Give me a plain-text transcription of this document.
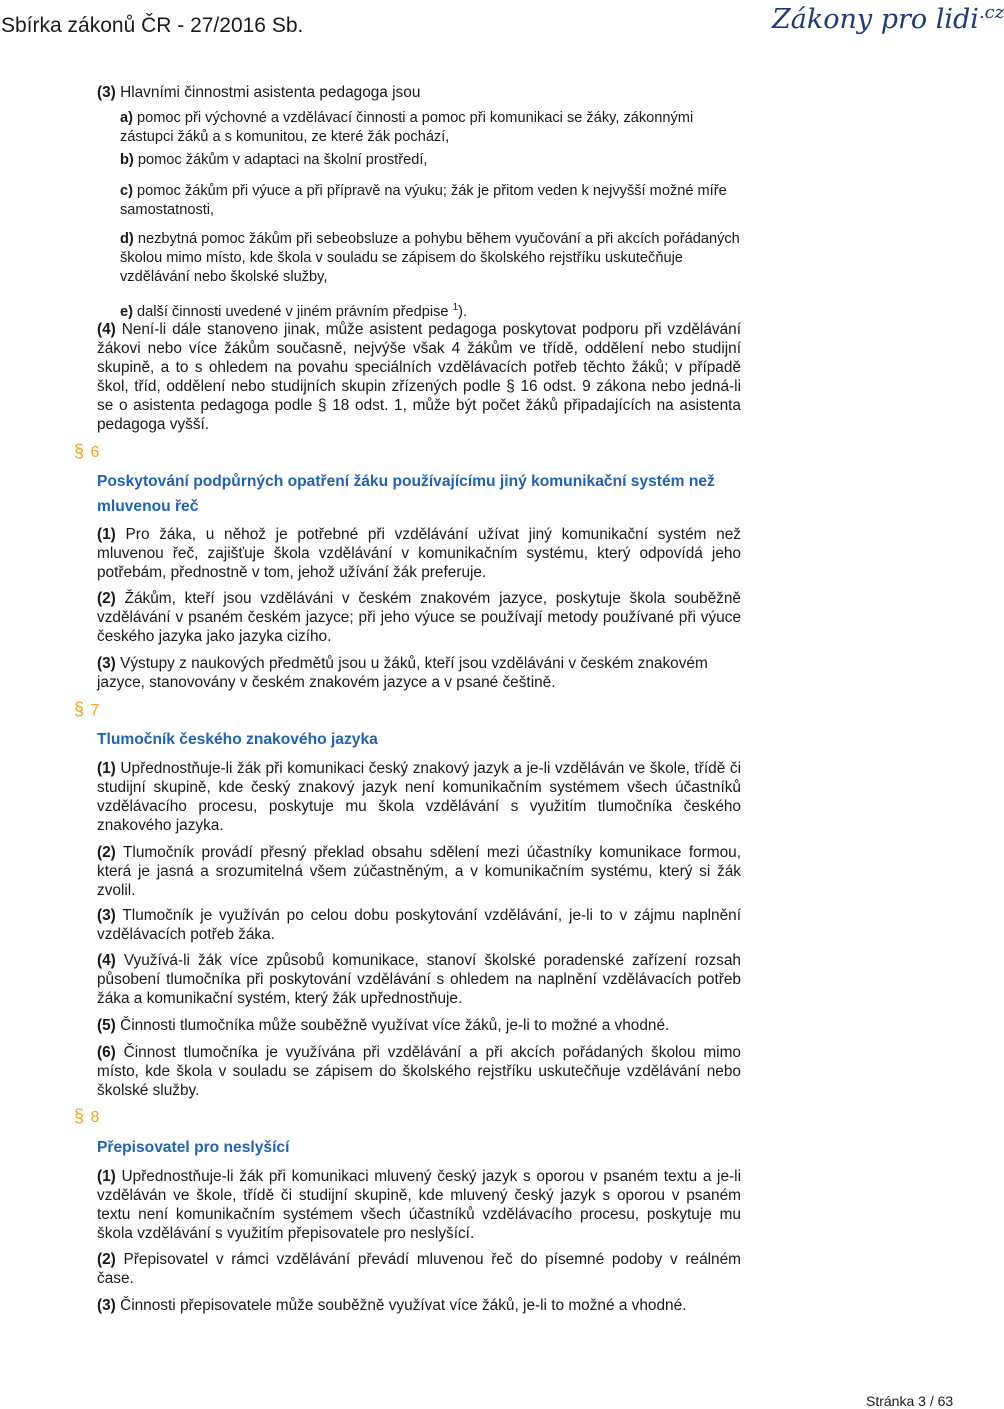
Sbírka zákonů ČR - 27/2016 Sb.	Zákony pro lidi$^{.cz}$
(3) Hlavními činnostmi asistenta pedagoga jsou
a) pomoc při výchovné a vzdělávací činnosti a pomoc při komunikaci se žáky, zákonnými zástupci žáků a s komunitou, ze které žák pochází,
b) pomoc žákům v adaptaci na školní prostředí,
c) pomoc žákům při výuce a při přípravě na výuku; žák je přitom veden k nejvyšší možné míře samostatnosti,
d) nezbytná pomoc žákům při sebeobsluze a pohybu během vyučování a při akcích pořádaných školou mimo místo, kde škola v souladu se zápisem do školského rejstříku uskutečňuje vzdělávání nebo školské služby,
e) další činnosti uvedené v jiném právním předpise $^1$).
(4) Není-li dále stanoveno jinak, může asistent pedagoga poskytovat podporu při vzdělávání žákovi nebo více žákům současně, nejvýše však 4 žákům ve třídě, oddělení nebo studijní skupině, a to s ohledem na povahu speciálních vzdělávacích potřeb těchto žáků; v případě škol, tříd, oddělení nebo studijních skupin zřízených podle § 16 odst. 9 zákona nebo jedná-li se o asistenta pedagoga podle § 18 odst. 1, může být počet žáků připadajících na asistenta pedagoga vyšší.
§ 6
Poskytování podpůrných opatření žáku používajícímu jiný komunikační systém než mluvenou řeč
(1) Pro žáka, u něhož je potřebné při vzdělávání užívat jiný komunikační systém než mluvenou řeč, zajišťuje škola vzdělávání v komunikačním systému, který odpovídá jeho potřebám, přednostně v tom, jehož užívání žák preferuje.
(2) Žákům, kteří jsou vzděláváni v českém znakovém jazyce, poskytuje škola souběžně vzdělávání v psaném českém jazyce; při jeho výuce se používají metody používané při výuce českého jazyka jako jazyka cizího.
(3) Výstupy z naukových předmětů jsou u žáků, kteří jsou vzděláváni v českém znakovém jazyce, stanovovány v českém znakovém jazyce a v psané češtině.
§ 7
Tlumočník českého znakového jazyka
(1) Upřednostňuje-li žák při komunikaci český znakový jazyk a je-li vzděláván ve škole, třídě či studijní skupině, kde český znakový jazyk není komunikačním systémem všech účastníků vzdělávacího procesu, poskytuje mu škola vzdělávání s využitím tlumočníka českého znakového jazyka.
(2) Tlumočník provádí přesný překlad obsahu sdělení mezi účastníky komunikace formou, která je jasná a srozumitelná všem zúčastněným, a v komunikačním systému, který si žák zvolil.
(3) Tlumočník je využíván po celou dobu poskytování vzdělávání, je-li to v zájmu naplnění vzdělávacích potřeb žáka.
(4) Využívá-li žák více způsobů komunikace, stanoví školské poradenské zařízení rozsah působení tlumočníka při poskytování vzdělávání s ohledem na naplnění vzdělávacích potřeb žáka a komunikační systém, který žák upřednostňuje.
(5) Činnosti tlumočníka může souběžně využívat více žáků, je-li to možné a vhodné.
(6) Činnost tlumočníka je využívána při vzdělávání a při akcích pořádaných školou mimo místo, kde škola v souladu se zápisem do školského rejstříku uskutečňuje vzdělávání nebo školské služby.
§ 8
Přepisovatel pro neslyšící
(1) Upřednostňuje-li žák při komunikaci mluvený český jazyk s oporou v psaném textu a je-li vzděláván ve škole, třídě či studijní skupině, kde mluvený český jazyk s oporou v psaném textu není komunikačním systémem všech účastníků vzdělávacího procesu, poskytuje mu škola vzdělávání s využitím přepisovatele pro neslyšící.
(2) Přepisovatel v rámci vzdělávání převádí mluvenou řeč do písemné podoby v reálném čase.
(3) Činnosti přepisovatele může souběžně využívat více žáků, je-li to možné a vhodné.
Stránka 3 / 63
